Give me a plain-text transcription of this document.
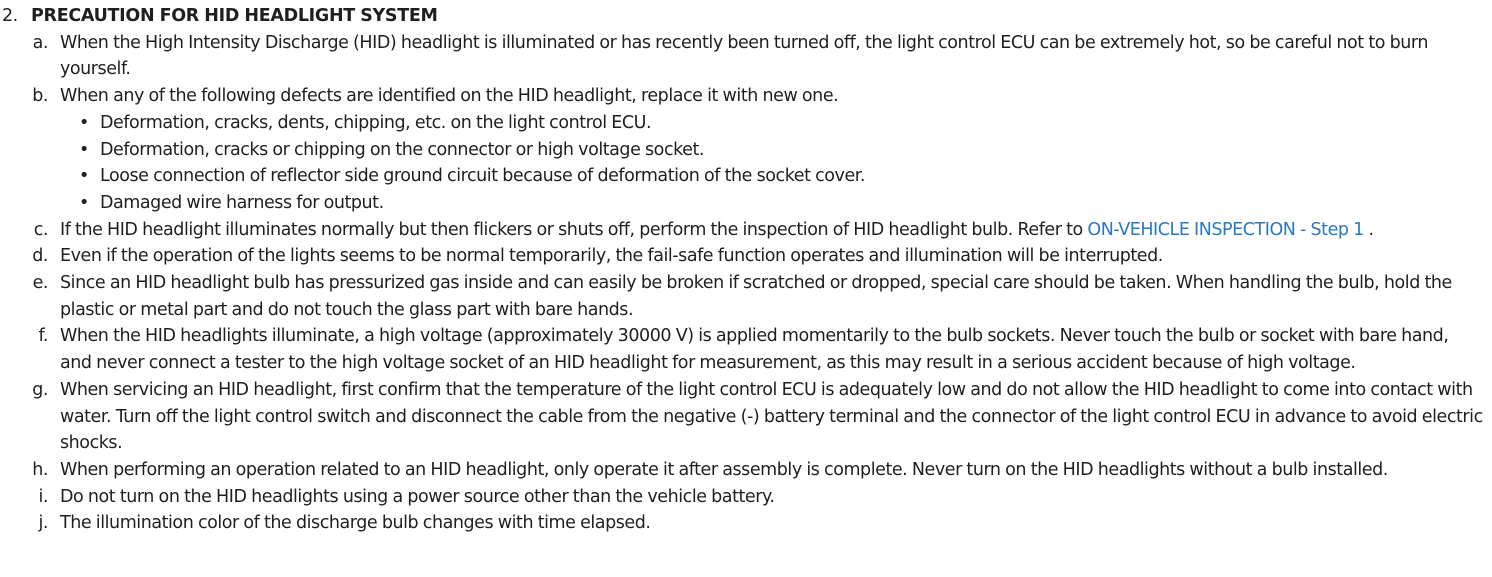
2. PRECAUTION FOR HID HEADLIGHT SYSTEM
a. When the High Intensity Discharge (HID) headlight is illuminated or has recently been turned off, the light control ECU can be extremely hot, so be careful not to burn yourself.
b. When any of the following defects are identified on the HID headlight, replace it with new one.
• Deformation, cracks, dents, chipping, etc. on the light control ECU.
• Deformation, cracks or chipping on the connector or high voltage socket.
• Loose connection of reflector side ground circuit because of deformation of the socket cover.
• Damaged wire harness for output.
c. If the HID headlight illuminates normally but then flickers or shuts off, perform the inspection of HID headlight bulb. Refer to ON-VEHICLE INSPECTION - Step 1 .
d. Even if the operation of the lights seems to be normal temporarily, the fail-safe function operates and illumination will be interrupted.
e. Since an HID headlight bulb has pressurized gas inside and can easily be broken if scratched or dropped, special care should be taken. When handling the bulb, hold the plastic or metal part and do not touch the glass part with bare hands.
f. When the HID headlights illuminate, a high voltage (approximately 30000 V) is applied momentarily to the bulb sockets. Never touch the bulb or socket with bare hand, and never connect a tester to the high voltage socket of an HID headlight for measurement, as this may result in a serious accident because of high voltage.
g. When servicing an HID headlight, first confirm that the temperature of the light control ECU is adequately low and do not allow the HID headlight to come into contact with water. Turn off the light control switch and disconnect the cable from the negative (-) battery terminal and the connector of the light control ECU in advance to avoid electric shocks.
h. When performing an operation related to an HID headlight, only operate it after assembly is complete. Never turn on the HID headlights without a bulb installed.
i. Do not turn on the HID headlights using a power source other than the vehicle battery.
j. The illumination color of the discharge bulb changes with time elapsed.
